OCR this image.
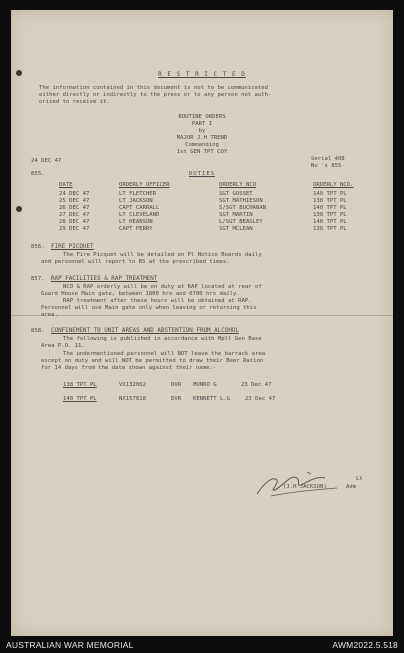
R E S T R I C T E D
The information contained in this document is not to be communicated
either directly or indirectly to the press or to any person not auth-
orised to receive it.
ROUTINE ORDERS
PART I
by
MAJOR J.H TREND
Commanding
1st GEN TPT COY
24 DEC 47	Serial 408
No 's 855-
855.	DUTIES
DATE	ORDERLY OFFICER	ORDERLY NCO	ORDERLY NCO.
24 DEC 47	LT FLETCHER	SGT GOSSET	140 TPT PL
25 DEC 47	LT JACKSON	SGT MATHIESON	138 TPT PL
26 DEC 47	CAPT CARRALL	S/SGT BUCHANAN	140 TPT PL
27 DEC 47	LT CLEVELAND	SGT MARTIN	138 TPT PL
28 DEC 47	LT HEANSON	L/SGT BEASLEY	140 TPT PL
29 DEC 47	CAPT PERRY	SGT MCLEAN	138 TPT PL
856. FIRE PICQUET
The Fire Picquet will be detailed on Pl Notice Boards daily
and personnel will report to RS at the prescribed times.
857. RAP FACILITIES & RAP TREATMENT
NCO & RAP orderly will be on duty at RAP located at rear of
Guard House Main gate, between 1800 hrs and 0700 hrs daily.
RAP treatment after these hours will be obtained at RAP.
Personnel will use Main gate only when leaving or returning this
area.
858. CONFINEMENT TO UNIT AREAS AND ABSTENTION FROM ALCOHOL
The following is published in accordance with Mplt Gen Base
Area P.O. 11.
The undermentioned personnel will NOT leave the barrack area
except on duty and will NOT be permitted to draw their Beer Ration
for 14 days from the date shown against their name:-
138 TPT PL	VX132062	DVR MUNRO G	23 Dec 47
140 TPT PL	NX157818	DVR KENNETT L.G	23 Dec 47
Lt
(J.H JACKSON)	Adm
AUSTRALIAN WAR MEMORIAL	AWM2022.5.518
